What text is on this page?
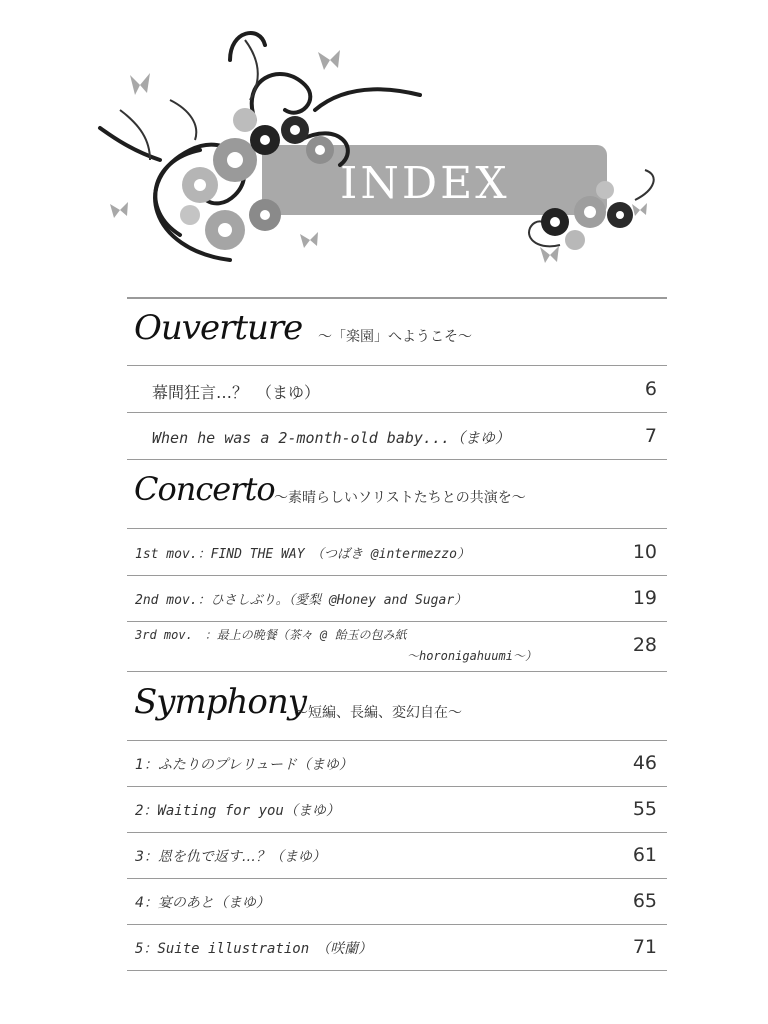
INDEX
Ouverture 〜「楽園」へようこそ〜
幕間狂言…？　（まゆ）	6
When he was a 2-month-old baby...（まゆ）	7
Concerto 〜素晴らしいソリストたちとの共演を〜
1st mov.：FIND THE WAY　（つばき @intermezzo）	10
2nd mov.：ひさしぶり。（愛梨 @Honey and Sugar）	19
3rd mov.　：最上の晩餐（茶々 @ 飴玉の包み紙
〜horonigahuumi〜）	28
Symphony
〜短編、長編、変幻自在〜
1：ふたりのプレリュード（まゆ）	46
2：Waiting for you（まゆ）	55
3：恩を仇で返す…？（まゆ）	61
4：宴のあと（まゆ）	65
5：Suite illustration　（咲蘭）	71
